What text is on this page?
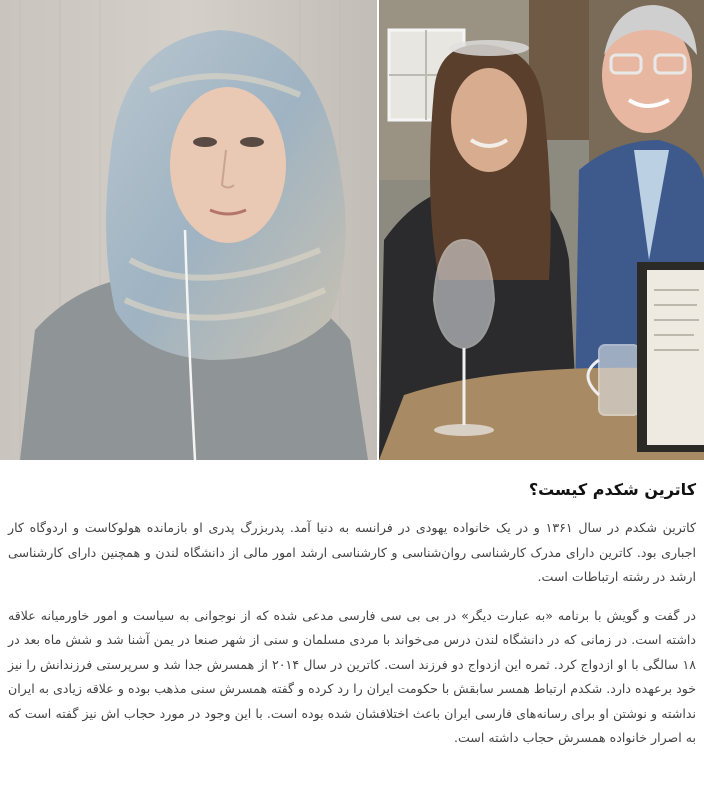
کاترین شکدم کیست؟

کاترین شکدم در سال ۱۳۶۱ و در یک خانواده یهودی در فرانسه به دنیا آمد. پدربزرگ پدری او بازمانده هولوکاست و اردوگاه کار اجباری بود. کاترین دارای مدرک کارشناسی روان‌شناسی و کارشناسی ارشد امور مالی از دانشگاه لندن و همچنین دارای کارشناسی ارشد در رشته ارتباطات است.

در گفت و گویش با برنامه «به عبارت دیگر» در بی بی سی فارسی مدعی شده که از نوجوانی به سیاست و امور خاورمیانه علاقه داشته است. در زمانی که در دانشگاه لندن درس می‌خواند با مردی مسلمان و سنی از شهر صنعا در یمن آشنا شد و شش ماه بعد در ۱۸ سالگی با او ازدواج کرد. ثمره این ازدواج دو فرزند است. کاترین در سال ۲۰۱۴ از همسرش جدا شد و سرپرستی فرزندانش را نیز خود برعهده دارد. شکدم ارتباط همسر سابقش با حکومت ایران را رد کرده و گفته همسرش سنی مذهب بوده و علاقه زیادی به ایران نداشته و نوشتن او برای رسانه‌های فارسی ایران باعث اختلافشان شده بوده است. با این وجود در مورد حجاب اش نیز گفته است که به اصرار خانواده همسرش حجاب داشته است.
